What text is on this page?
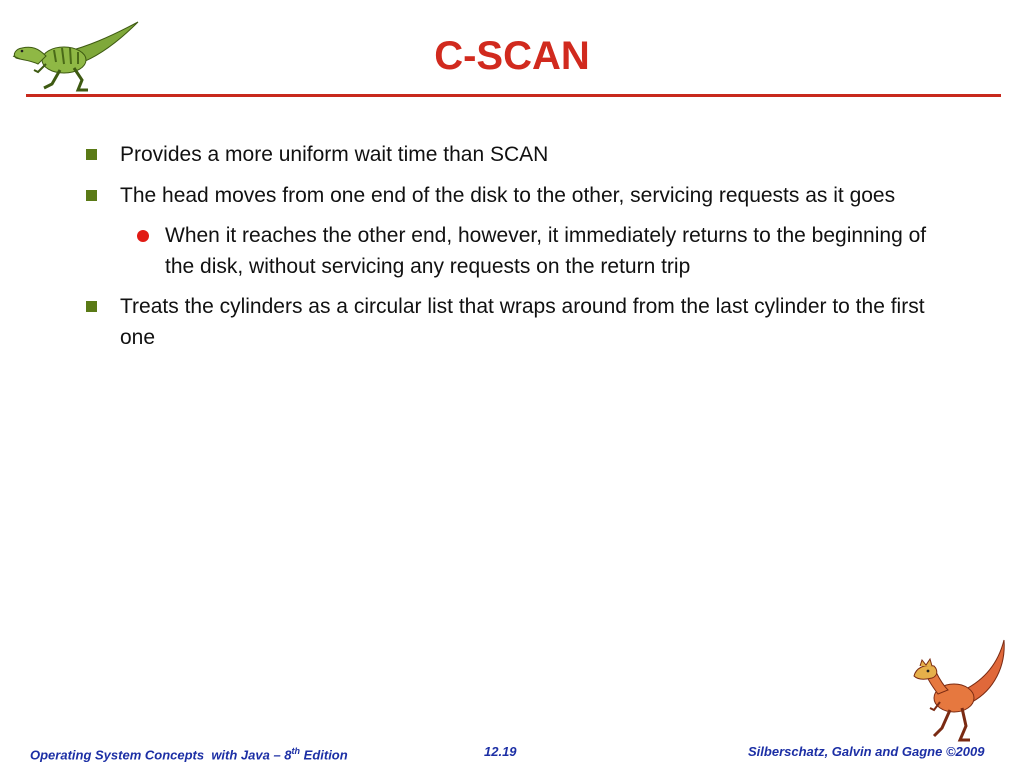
C-SCAN
Provides a more uniform wait time than SCAN
The head moves from one end of the disk to the other, servicing requests as it goes
When it reaches the other end, however, it immediately returns to the beginning of the disk, without servicing any requests on the return trip
Treats the cylinders as a circular list that wraps around from the last cylinder to the first one
Operating System Concepts  with Java – 8th Edition	12.19	Silberschatz, Galvin and Gagne ©2009
